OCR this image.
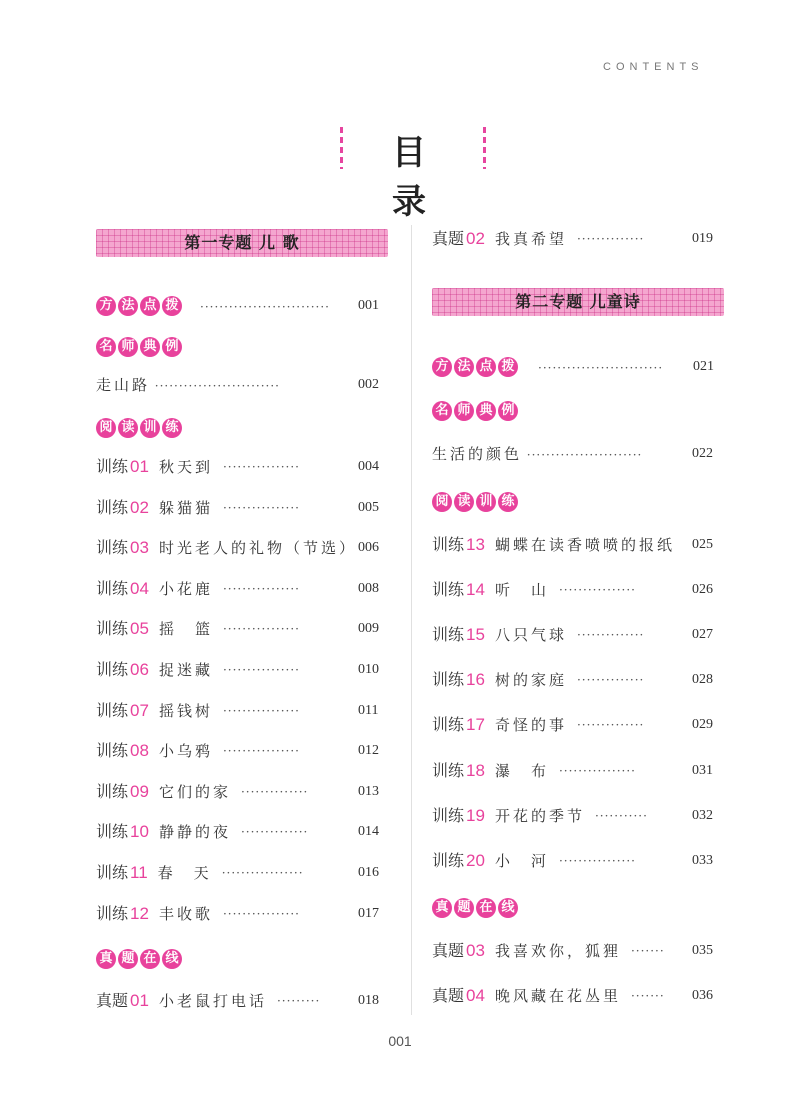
CONTENTS
目 录
第一专题 儿 歌
方 法 点 拨 ··························· 001
名 师 典 例
走山路 ··························	002
阅 读 训 练
训练 01 秋天到	004
················
训练 02 躲猫猫	005
················
训练 03 时光老人的礼物（节选） 006
训练 04 小花鹿	008
················
训练 05 摇　篮	009
················
训练 06 捉迷藏	010
················
训练 07 摇钱树	011
················
训练 08 小乌鸦	012
················
训练 09 它们的家	013
··············
训练 10 静静的夜	014
··············
训练 11 春　天	016
·················
训练 12 丰收歌	017
················
真 题 在 线
真题 01 小老鼠打电话	018
·········
真题 02 我真希望	019
··············
第二专题 儿童诗
方 法 点 拨 ·························· 021
名 师 典 例
生活的颜色 ························	022
阅 读 训 练
训练 13 蝴蝶在读香喷喷的报纸 025
训练 14 听　山	026
················
训练 15 八只气球	027
··············
训练 16 树的家庭	028
··············
训练 17 奇怪的事	029
··············
训练 18 瀑　布	031
················
训练 19 开花的季节	032
···········
训练 20 小　河	033
················
真 题 在 线
真题 03 我喜欢你，狐狸	035
·······
真题 04 晚风藏在花丛里	036
·······
001
